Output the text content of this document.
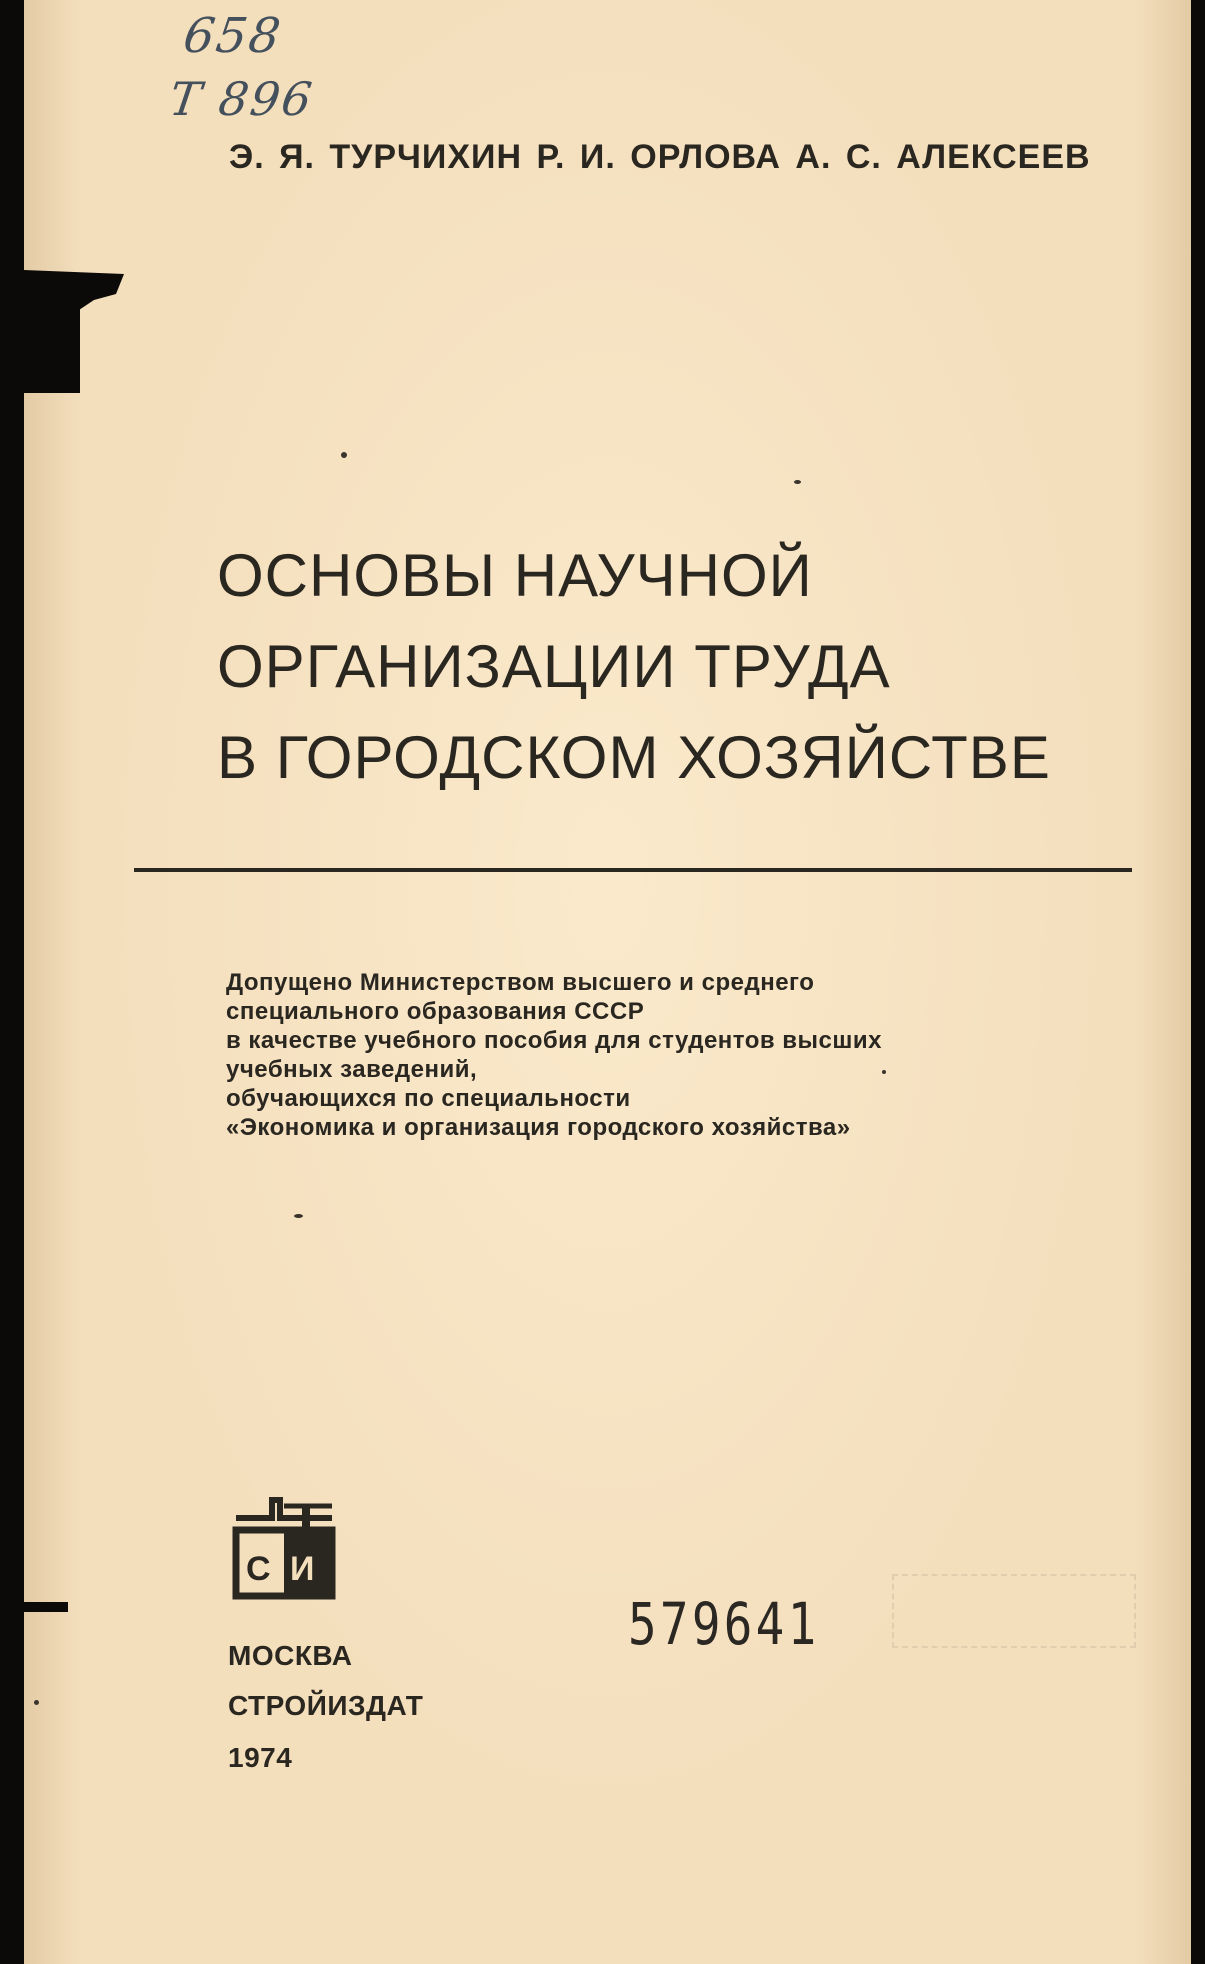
658
Т 896
Э. Я. ТУРЧИХИН Р. И. ОРЛОВА А. С. АЛЕКСЕЕВ
ОСНОВЫ НАУЧНОЙ
ОРГАНИЗАЦИИ ТРУДА
В ГОРОДСКОМ ХОЗЯЙСТВЕ
Допущено Министерством высшего и среднего
специального образования СССР
в качестве учебного пособия для студентов высших
учебных заведений,
обучающихся по специальности
«Экономика и организация городского хозяйства»
С И
579641
МОСКВА
СТРОЙИЗДАТ
1974
